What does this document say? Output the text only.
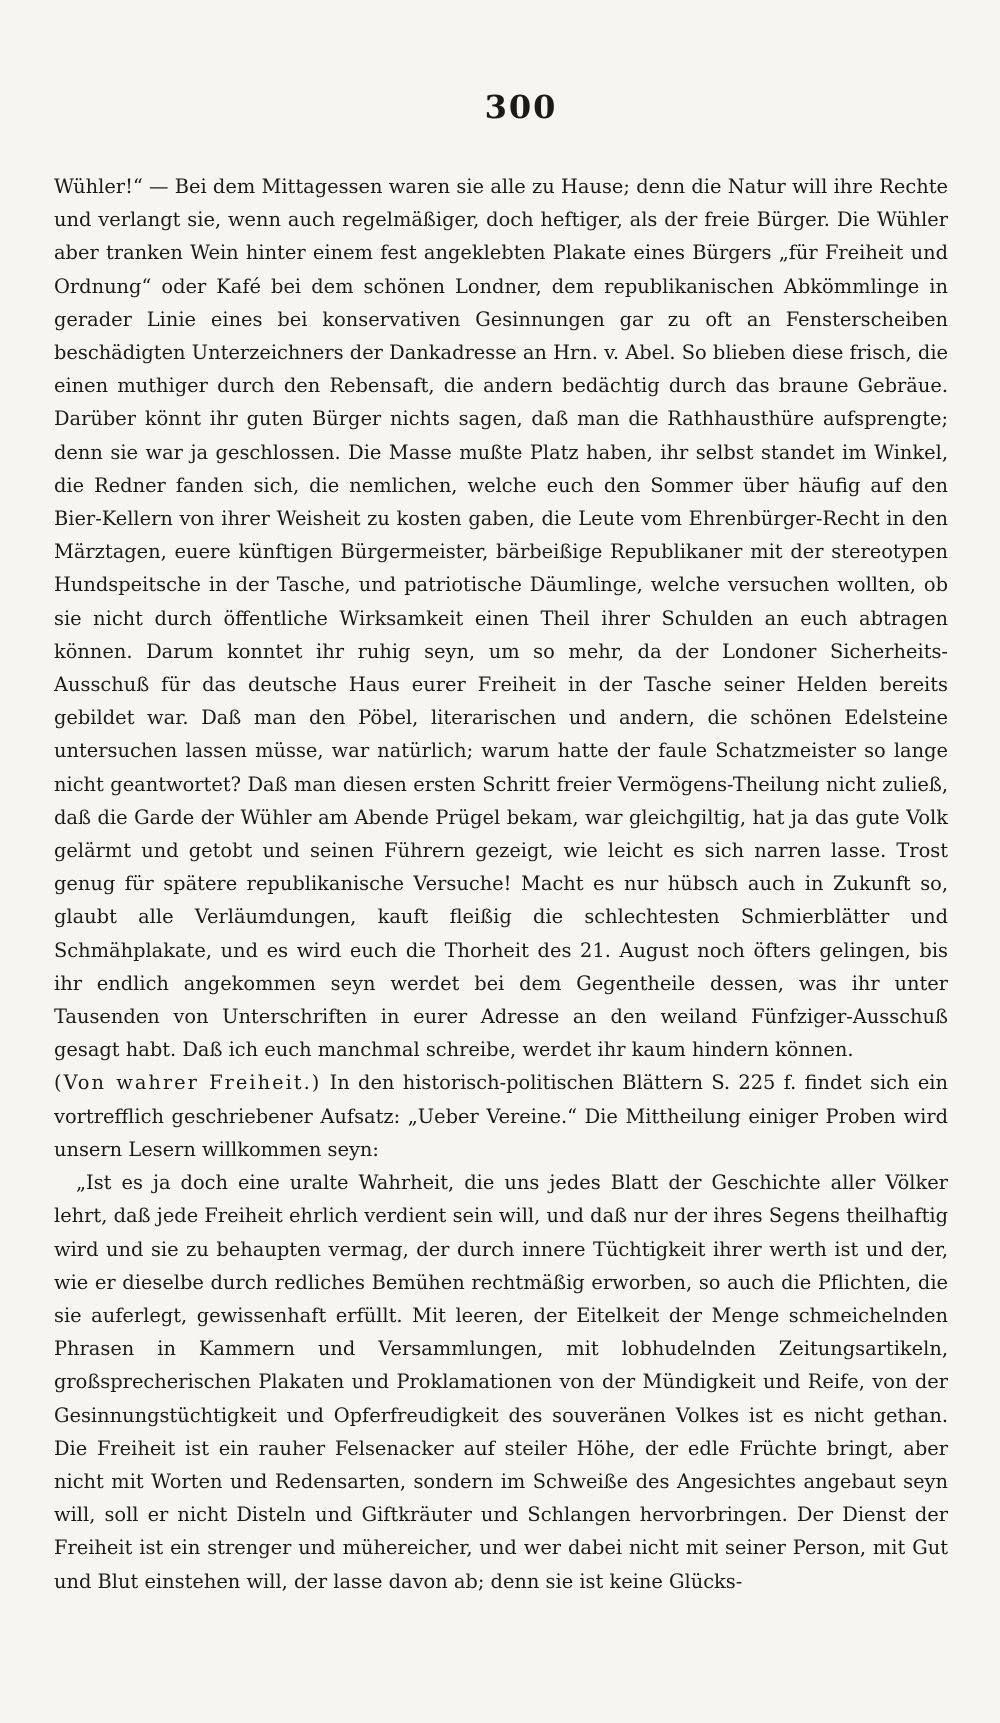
300

Wühler!“ — Bei dem Mittagessen waren sie alle zu Hause; denn die Natur will ihre Rechte und verlangt sie, wenn auch regelmäßiger, doch heftiger, als der freie Bürger. Die Wühler aber tranken Wein hinter einem fest angeklebten Plakate eines Bürgers „für Freiheit und Ordnung“ oder Kafé bei dem schönen Londner, dem republikanischen Abkömmlinge in gerader Linie eines bei konservativen Gesinnungen gar zu oft an Fensterscheiben beschädigten Unterzeichners der Dankadresse an Hrn. v. Abel. So blieben diese frisch, die einen muthiger durch den Rebensaft, die andern bedächtig durch das braune Gebräue. Darüber könnt ihr guten Bürger nichts sagen, daß man die Rathhausthüre aufsprengte; denn sie war ja geschlossen. Die Masse mußte Platz haben, ihr selbst standet im Winkel, die Redner fanden sich, die nemlichen, welche euch den Sommer über häufig auf den Bier-Kellern von ihrer Weisheit zu kosten gaben, die Leute vom Ehrenbürger-Recht in den Märztagen, euere künftigen Bürgermeister, bärbeißige Republikaner mit der stereotypen Hundspeitsche in der Tasche, und patriotische Däumlinge, welche versuchen wollten, ob sie nicht durch öffentliche Wirksamkeit einen Theil ihrer Schulden an euch abtragen können. Darum konntet ihr ruhig seyn, um so mehr, da der Londoner Sicherheits-Ausschuß für das deutsche Haus eurer Freiheit in der Tasche seiner Helden bereits gebildet war. Daß man den Pöbel, literarischen und andern, die schönen Edelsteine untersuchen lassen müsse, war natürlich; warum hatte der faule Schatzmeister so lange nicht geantwortet? Daß man diesen ersten Schritt freier Vermögens-Theilung nicht zuließ, daß die Garde der Wühler am Abende Prügel bekam, war gleichgiltig, hat ja das gute Volk gelärmt und getobt und seinen Führern gezeigt, wie leicht es sich narren lasse. Trost genug für spätere republikanische Versuche! Macht es nur hübsch auch in Zukunft so, glaubt alle Verläumdungen, kauft fleißig die schlechtesten Schmierblätter und Schmähplakate, und es wird euch die Thorheit des 21. August noch öfters gelingen, bis ihr endlich angekommen seyn werdet bei dem Gegentheile dessen, was ihr unter Tausenden von Unterschriften in eurer Adresse an den weiland Fünfziger-Ausschuß gesagt habt. Daß ich euch manchmal schreibe, werdet ihr kaum hindern können.

(Von wahrer Freiheit.) In den historisch-politischen Blättern S. 225 f. findet sich ein vortrefflich geschriebener Aufsatz: „Ueber Vereine.“ Die Mittheilung einiger Proben wird unsern Lesern willkommen seyn:

„Ist es ja doch eine uralte Wahrheit, die uns jedes Blatt der Geschichte aller Völker lehrt, daß jede Freiheit ehrlich verdient sein will, und daß nur der ihres Segens theilhaftig wird und sie zu behaupten vermag, der durch innere Tüchtigkeit ihrer werth ist und der, wie er dieselbe durch redliches Bemühen rechtmäßig erworben, so auch die Pflichten, die sie auferlegt, gewissenhaft erfüllt. Mit leeren, der Eitelkeit der Menge schmeichelnden Phrasen in Kammern und Versammlungen, mit lobhudelnden Zeitungsartikeln, großsprecherischen Plakaten und Proklamationen von der Mündigkeit und Reife, von der Gesinnungstüchtigkeit und Opferfreudigkeit des souveränen Volkes ist es nicht gethan. Die Freiheit ist ein rauher Felsenacker auf steiler Höhe, der edle Früchte bringt, aber nicht mit Worten und Redensarten, sondern im Schweiße des Angesichtes angebaut seyn will, soll er nicht Disteln und Giftkräuter und Schlangen hervorbringen. Der Dienst der Freiheit ist ein strenger und mühereicher, und wer dabei nicht mit seiner Person, mit Gut und Blut einstehen will, der lasse davon ab; denn sie ist keine Glücks-
